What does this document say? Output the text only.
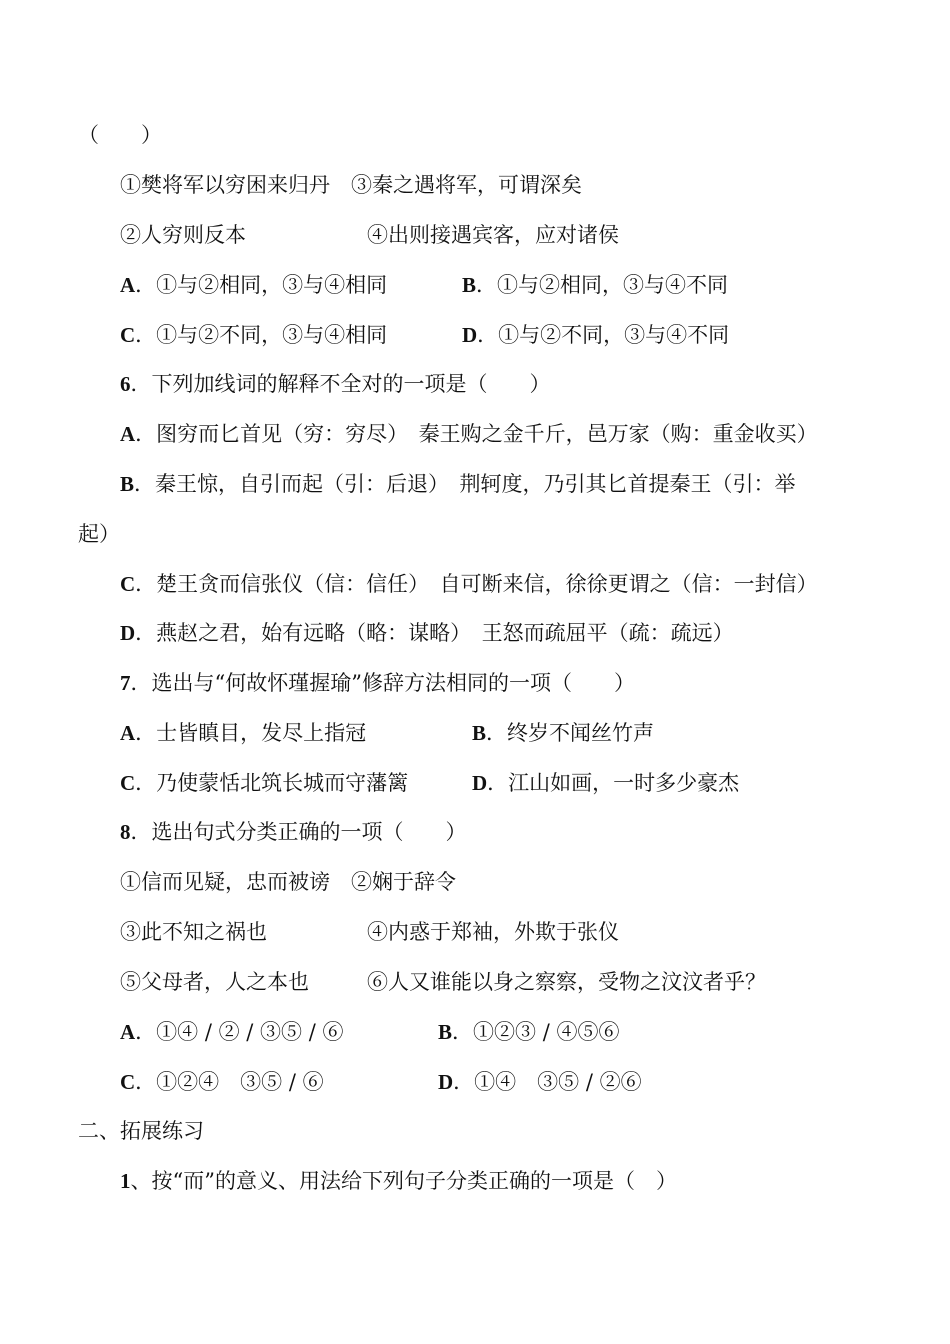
（　　）
①樊将军以穷困来归丹　③秦之遇将军，可谓深矣
②人穷则反本	④出则接遇宾客，应对诸侯
A．①与②相同，③与④相同	B．①与②相同，③与④不同
C．①与②不同，③与④相同	D．①与②不同，③与④不同
6．下列加线词的解释不全对的一项是（　　）
A．图穷而匕首见（穷：穷尽）　秦王购之金千斤，邑万家（购：重金收买）
B．秦王惊，自引而起（引：后退）　荆轲度，乃引其匕首提秦王（引：举
起）
C．楚王贪而信张仪（信：信任）　自可断来信，徐徐更谓之（信：一封信）
D．燕赵之君，始有远略（略：谋略）　王怒而疏屈平（疏：疏远）
7．选出与“何故怀瑾握瑜”修辞方法相同的一项（　　）
A．士皆瞋目，发尽上指冠	B．终岁不闻丝竹声
C．乃使蒙恬北筑长城而守藩篱	D．江山如画，一时多少豪杰
8．选出句式分类正确的一项（　　）
①信而见疑，忠而被谤　②娴于辞令
③此不知之祸也	④内惑于郑袖，外欺于张仪
⑤父母者，人之本也	⑥人又谁能以身之察察，受物之汶汶者乎？
A．①④ / ② / ③⑤ / ⑥	B．①②③ / ④⑤⑥
C．①②④　③⑤ / ⑥	D．①④　③⑤ / ②⑥
二、拓展练习
1、按“而”的意义、用法给下列句子分类正确的一项是（　）
